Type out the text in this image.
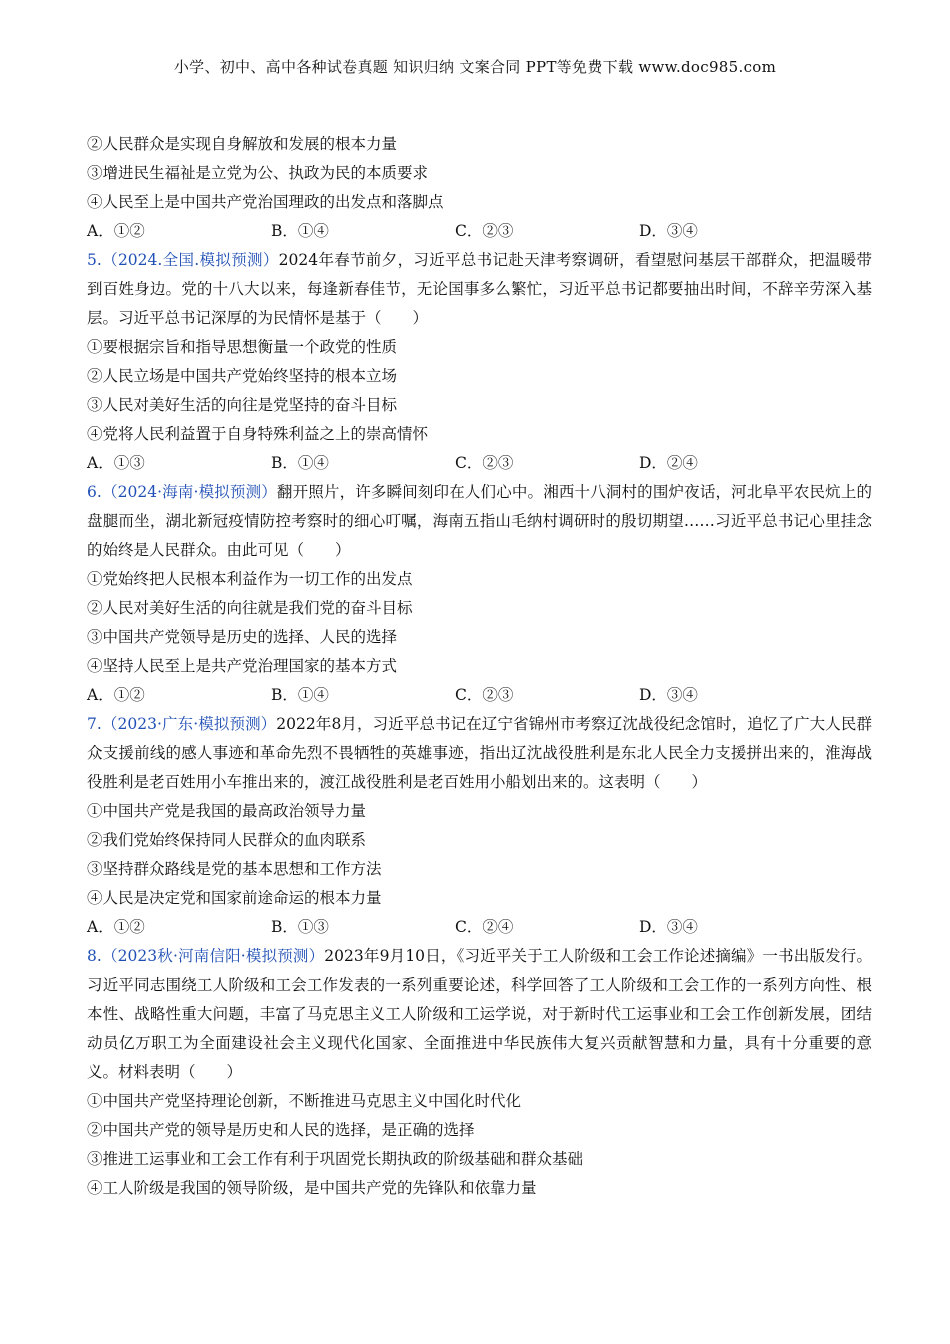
小学、初中、高中各种试卷真题 知识归纳 文案合同 PPT等免费下载 www.doc985.com
②人民群众是实现自身解放和发展的根本力量
③增进民生福祉是立党为公、执政为民的本质要求
④人民至上是中国共产党治国理政的出发点和落脚点
A．①②	B．①④	C．②③	D．③④
5.（2024.全国.模拟预测）2024年春节前夕，习近平总书记赴天津考察调研，看望慰问基层干部群众，把温暖带到百姓身边。党的十八大以来，每逢新春佳节，无论国事多么繁忙，习近平总书记都要抽出时间，不辞辛劳深入基层。习近平总书记深厚的为民情怀是基于（　　）
①要根据宗旨和指导思想衡量一个政党的性质
②人民立场是中国共产党始终坚持的根本立场
③人民对美好生活的向往是党坚持的奋斗目标
④党将人民利益置于自身特殊利益之上的崇高情怀
A．①③	B．①④	C．②③	D．②④
6.（2024·海南·模拟预测）翻开照片，许多瞬间刻印在人们心中。湘西十八洞村的围炉夜话，河北阜平农民炕上的盘腿而坐，湖北新冠疫情防控考察时的细心叮嘱，海南五指山毛纳村调研时的殷切期望……习近平总书记心里挂念的始终是人民群众。由此可见（　　）
①党始终把人民根本利益作为一切工作的出发点
②人民对美好生活的向往就是我们党的奋斗目标
③中国共产党领导是历史的选择、人民的选择
④坚持人民至上是共产党治理国家的基本方式
A．①②	B．①④	C．②③	D．③④
7.（2023·广东·模拟预测）2022年8月，习近平总书记在辽宁省锦州市考察辽沈战役纪念馆时，追忆了广大人民群众支援前线的感人事迹和革命先烈不畏牺牲的英雄事迹，指出辽沈战役胜利是东北人民全力支援拼出来的，淮海战役胜利是老百姓用小车推出来的，渡江战役胜利是老百姓用小船划出来的。这表明（　　）
①中国共产党是我国的最高政治领导力量
②我们党始终保持同人民群众的血肉联系
③坚持群众路线是党的基本思想和工作方法
④人民是决定党和国家前途命运的根本力量
A．①②	B．①③	C．②④	D．③④
8.（2023秋·河南信阳·模拟预测）2023年9月10日，《习近平关于工人阶级和工会工作论述摘编》一书出版发行。习近平同志围绕工人阶级和工会工作发表的一系列重要论述，科学回答了工人阶级和工会工作的一系列方向性、根本性、战略性重大问题，丰富了马克思主义工人阶级和工运学说，对于新时代工运事业和工会工作创新发展，团结动员亿万职工为全面建设社会主义现代化国家、全面推进中华民族伟大复兴贡献智慧和力量，具有十分重要的意义。材料表明（　　）
①中国共产党坚持理论创新，不断推进马克思主义中国化时代化
②中国共产党的领导是历史和人民的选择，是正确的选择
③推进工运事业和工会工作有利于巩固党长期执政的阶级基础和群众基础
④工人阶级是我国的领导阶级，是中国共产党的先锋队和依靠力量
